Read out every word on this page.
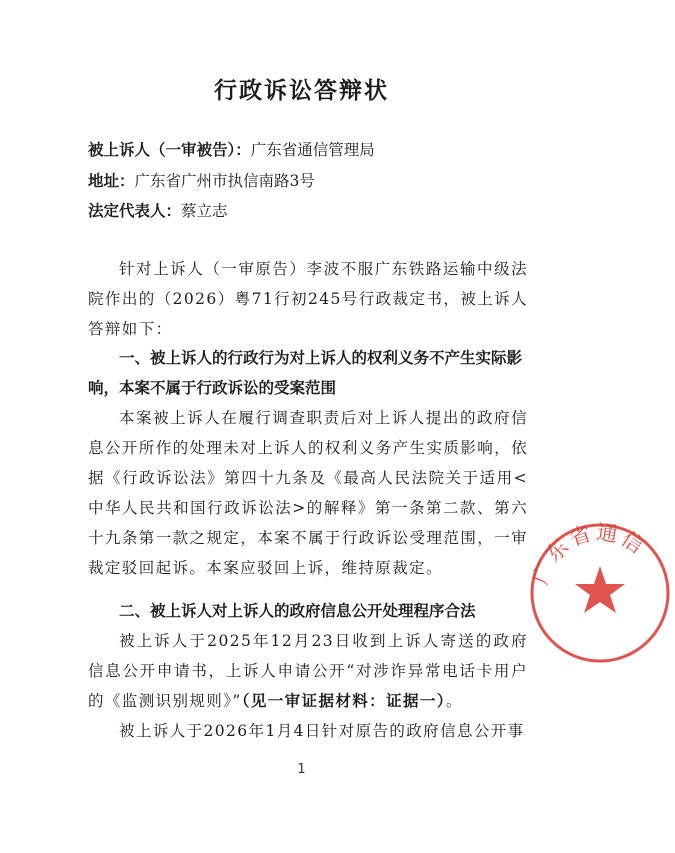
行政诉讼答辩状
被上诉人（一审被告）：广东省通信管理局
地址：广东省广州市执信南路3号
法定代表人：蔡立志
针对上诉人（一审原告）李波不服广东铁路运输中级法院作出的（2026）粤71行初245号行政裁定书，被上诉人答辩如下：
一、被上诉人的行政行为对上诉人的权利义务不产生实际影响，本案不属于行政诉讼的受案范围
本案被上诉人在履行调查职责后对上诉人提出的政府信息公开所作的处理未对上诉人的权利义务产生实质影响，依据《行政诉讼法》第四十九条及《最高人民法院关于适用<中华人民共和国行政诉讼法>的解释》第一条第二款、第六十九条第一款之规定，本案不属于行政诉讼受理范围，一审裁定驳回起诉。本案应驳回上诉，维持原裁定。
二、被上诉人对上诉人的政府信息公开处理程序合法
被上诉人于2025年12月23日收到上诉人寄送的政府信息公开申请书，上诉人申请公开“对涉诈异常电话卡用户的《监测识别规则》”（见一审证据材料：证据一）。
被上诉人于2026年1月4日针对原告的政府信息公开事
1
广东省通信
